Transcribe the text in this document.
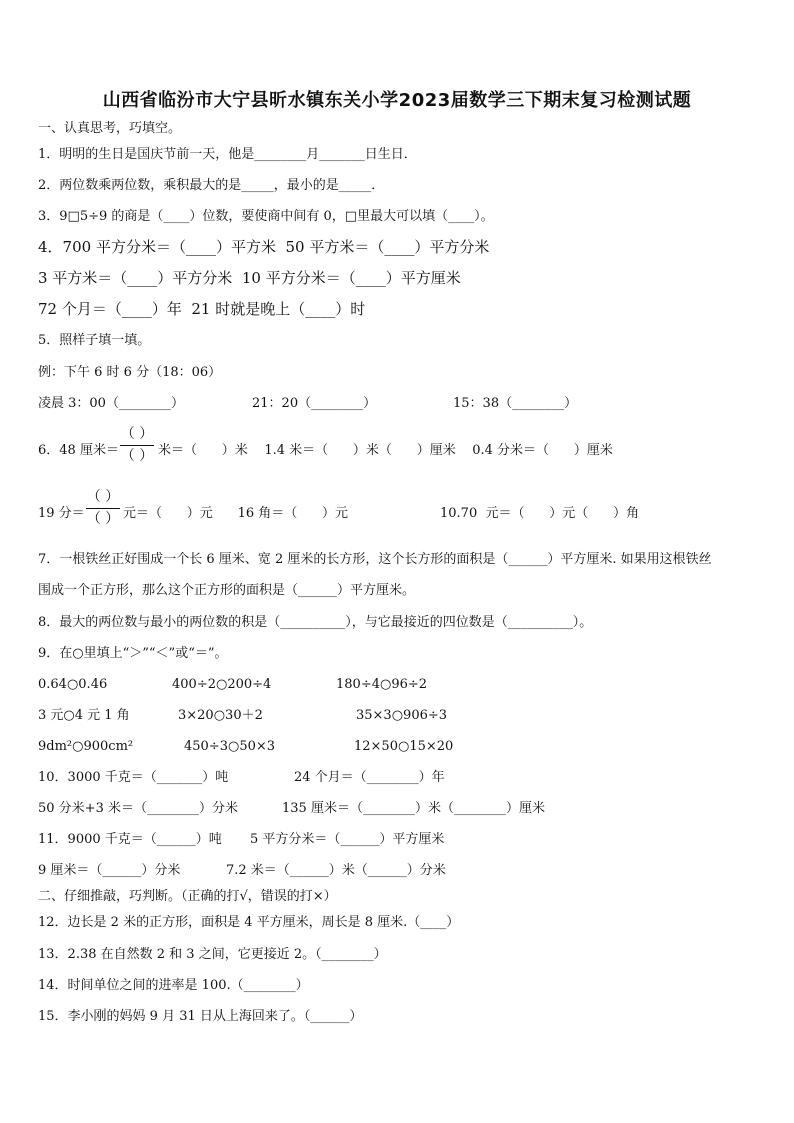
山西省临汾市大宁县昕水镇东关小学2023届数学三下期末复习检测试题
一、认真思考，巧填空。
1．明明的生日是国庆节前一天，他是________月_______日生日．
2．两位数乘两位数，乘积最大的是_____，最小的是_____．
3．9□5÷9 的商是（____）位数，要使商中间有 0，□里最大可以填（____）。
4．700 平方分米＝（____）平方米  50 平方米＝（____）平方分米
3 平方米＝（____）平方分米  10 平方分米＝（____）平方厘米
72 个月＝（____）年  21 时就是晚上（____）时
5．照样子填一填。
例：下午 6 时 6 分（18：06）
凌晨 3：00（________）	21：20（________）	15：38（________）
6．48 厘米＝
（ ）
（ ） 米＝（      ）米    1.4 米＝（      ）米（      ）厘米    0.4 分米＝（      ）厘米
19 分＝
（ ）
（ ） 元＝（      ）元      16 角＝（      ）元	10.70  元＝（      ）元（      ）角
7．一根铁丝正好围成一个长 6 厘米、宽 2 厘米的长方形，这个长方形的面积是（______）平方厘米. 如果用这根铁丝
围成一个正方形，那么这个正方形的面积是（______）平方厘米。
8．最大的两位数与最小的两位数的积是（__________），与它最接近的四位数是（__________）。
9．在○里填上“＞”“＜”或“＝”。
0.64○0.46	400÷2○200÷4	180÷4○96÷2
3 元○4 元 1 角	3×20○30＋2	35×3○906÷3
9dm²○900cm²	450÷3○50×3	12×50○15×20
10．3000 千克＝（_______）吨	24 个月＝（________）年
50 分米+3 米＝（________）分米	135 厘米＝（________）米（________）厘米
11．9000 千克＝（______）吨 5 平方分米＝（______）平方厘米
9 厘米＝（______）分米	7.2 米＝（______）米（______）分米
二、仔细推敲，巧判断。（正确的打√，错误的打×）
12．边长是 2 米的正方形，面积是 4 平方厘米，周长是 8 厘米.（____）
13．2.38 在自然数 2 和 3 之间，它更接近 2。（________）
14．时间单位之间的进率是 100.（________）
15．李小刚的妈妈 9 月 31 日从上海回来了。（______）
